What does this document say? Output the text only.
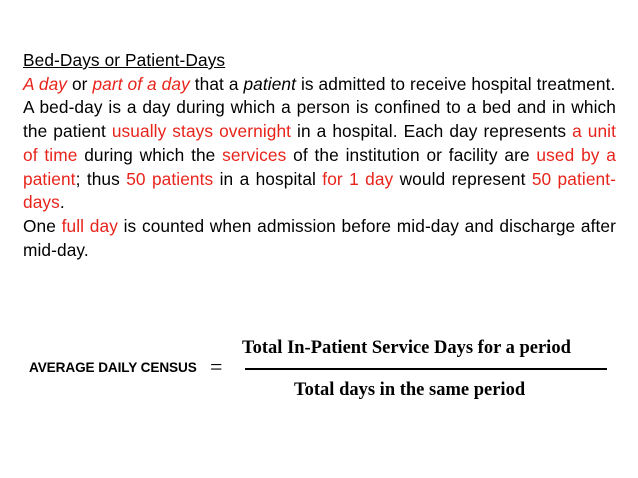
Bed-Days or Patient-Days

A day or part of a day that a patient is admitted to receive hospital treatment.

A bed-day is a day during which a person is confined to a bed and in which the patient usually stays overnight in a hospital. Each day represents a unit of time during which the services of the institution or facility are used by a patient; thus 50 patients in a hospital for 1 day would represent 50 patient-days.

One full day is counted when admission before mid-day and discharge after mid-day.

AVERAGE DAILY CENSUS =
Total In-Patient Service Days for a period
Total days in the same period
